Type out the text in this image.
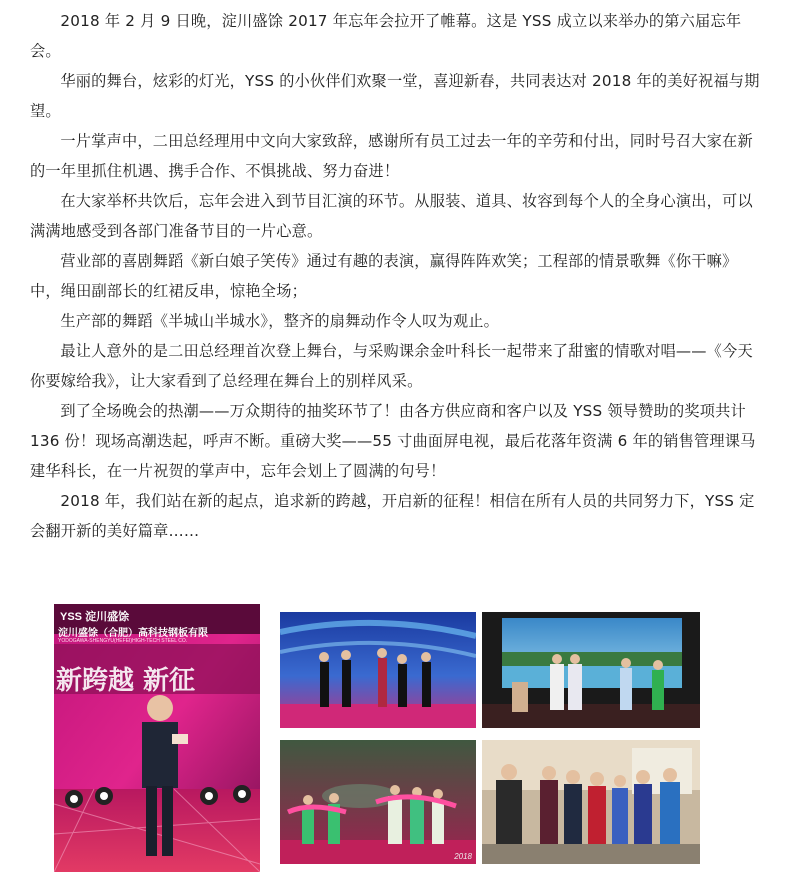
2018 年 2 月 9 日晚，淀川盛馀 2017 年忘年会拉开了帷幕。这是 YSS 成立以来举办的第六届忘年会。

华丽的舞台，炫彩的灯光，YSS 的小伙伴们欢聚一堂，喜迎新春，共同表达对 2018 年的美好祝福与期望。

一片掌声中，二田总经理用中文向大家致辞，感谢所有员工过去一年的辛劳和付出，同时号召大家在新的一年里抓住机遇、携手合作、不惧挑战、努力奋进！

在大家举杯共饮后，忘年会进入到节目汇演的环节。从服装、道具、妆容到每个人的全身心演出，可以满满地感受到各部门准备节目的一片心意。

营业部的喜剧舞蹈《新白娘子笑传》通过有趣的表演，赢得阵阵欢笑；工程部的情景歌舞《你干嘛》中，绳田副部长的红裙反串，惊艳全场；

生产部的舞蹈《半城山半城水》，整齐的扇舞动作令人叹为观止。

最让人意外的是二田总经理首次登上舞台，与采购课余金叶科长一起带来了甜蜜的情歌对唱——《今天你要嫁给我》，让大家看到了总经理在舞台上的别样风采。

到了全场晚会的热潮——万众期待的抽奖环节了！由各方供应商和客户以及 YSS 领导赞助的奖项共计 136 份！现场高潮迭起，呼声不断。重磅大奖——55 寸曲面屏电视，最后花落年资满 6 年的销售管理课马建华科长，在一片祝贺的掌声中，忘年会划上了圆满的句号！

2018 年，我们站在新的起点，追求新的跨越，开启新的征程！相信在所有人员的共同努力下，YSS 定会翻开新的美好篇章……

YSS 淀川盛馀
淀川盛馀（合肥）高科技钢板有限
YODOGAWA-SHENGYU(HEFEI)HIGH-TECH STEEL CO.
新跨越 新征
2018
